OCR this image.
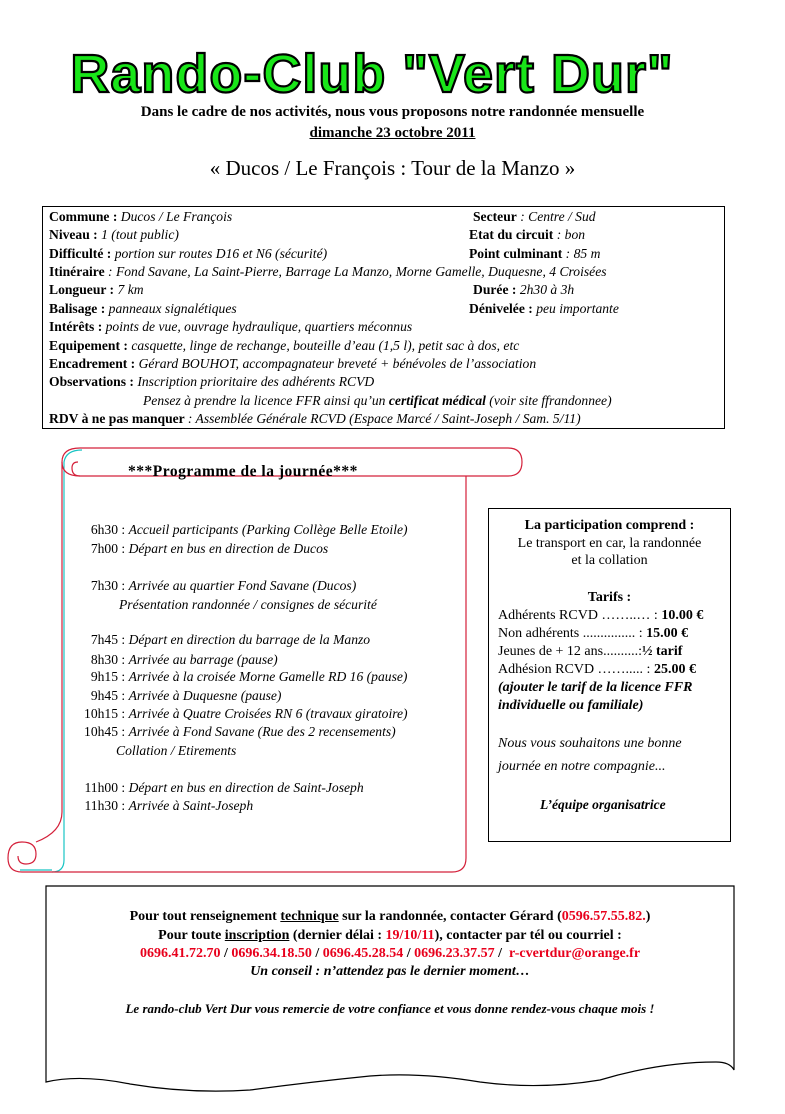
Rando-Club "Vert Dur"
Dans le cadre de nos activités, nous vous proposons notre randonnée mensuelle
dimanche 23 octobre 2011
« Ducos / Le François : Tour de la Manzo »
Commune : Ducos / Le François	Secteur : Centre / Sud
Niveau : 1 (tout public)	Etat du circuit : bon
Difficulté : portion sur routes D16 et N6 (sécurité)	Point culminant : 85 m
Itinéraire : Fond Savane, La Saint-Pierre, Barrage La Manzo, Morne Gamelle, Duquesne, 4 Croisées
Longueur : 7 km	Durée : 2h30 à 3h
Balisage : panneaux signalétiques	Dénivelée : peu importante
Intérêts : points de vue, ouvrage hydraulique, quartiers méconnus
Equipement : casquette, linge de rechange, bouteille d’eau (1,5 l), petit sac à dos, etc
Encadrement : Gérard BOUHOT, accompagnateur breveté + bénévoles de l’association
Observations : Inscription prioritaire des adhérents RCVD
Pensez à prendre la licence FFR ainsi qu’un certificat médical (voir site ffrandonnee)
RDV à ne pas manquer : Assemblée Générale RCVD (Espace Marcé / Saint-Joseph / Sam. 5/11)
***Programme de la journée***
6h30 : Accueil participants (Parking Collège Belle Etoile)
7h00 : Départ en bus en direction de Ducos
7h30 : Arrivée au quartier Fond Savane (Ducos)
Présentation randonnée / consignes de sécurité
7h45 : Départ en direction du barrage de la Manzo
8h30 : Arrivée au barrage (pause)
9h15 : Arrivée à la croisée Morne Gamelle RD 16 (pause)
9h45 : Arrivée à Duquesne (pause)
10h15 : Arrivée à Quatre Croisées RN 6 (travaux giratoire)
10h45 : Arrivée à Fond Savane (Rue des 2 recensements)
Collation / Etirements
11h00 : Départ en bus en direction de Saint-Joseph
11h30 : Arrivée à Saint-Joseph
La participation comprend :
Le transport en car, la randonnée
et la collation
Tarifs :
Adhérents RCVD ……..… : 10.00 €
Non adhérents ............... : 15.00 €
Jeunes de + 12 ans..........:½ tarif
Adhésion RCVD ……..... : 25.00 €
(ajouter le tarif de la licence FFR
individuelle ou familiale)
Nous vous souhaitons une bonne
journée en notre compagnie...
L’équipe organisatrice
Pour tout renseignement technique sur la randonnée, contacter Gérard (0596.57.55.82.)
Pour toute inscription (dernier délai : 19/10/11), contacter par tél ou courriel :
0696.41.72.70 / 0696.34.18.50 / 0696.45.28.54 / 0696.23.37.57 /  r-cvertdur@orange.fr
Un conseil : n’attendez pas le dernier moment…
Le rando-club Vert Dur vous remercie de votre confiance et vous donne rendez-vous chaque mois !
